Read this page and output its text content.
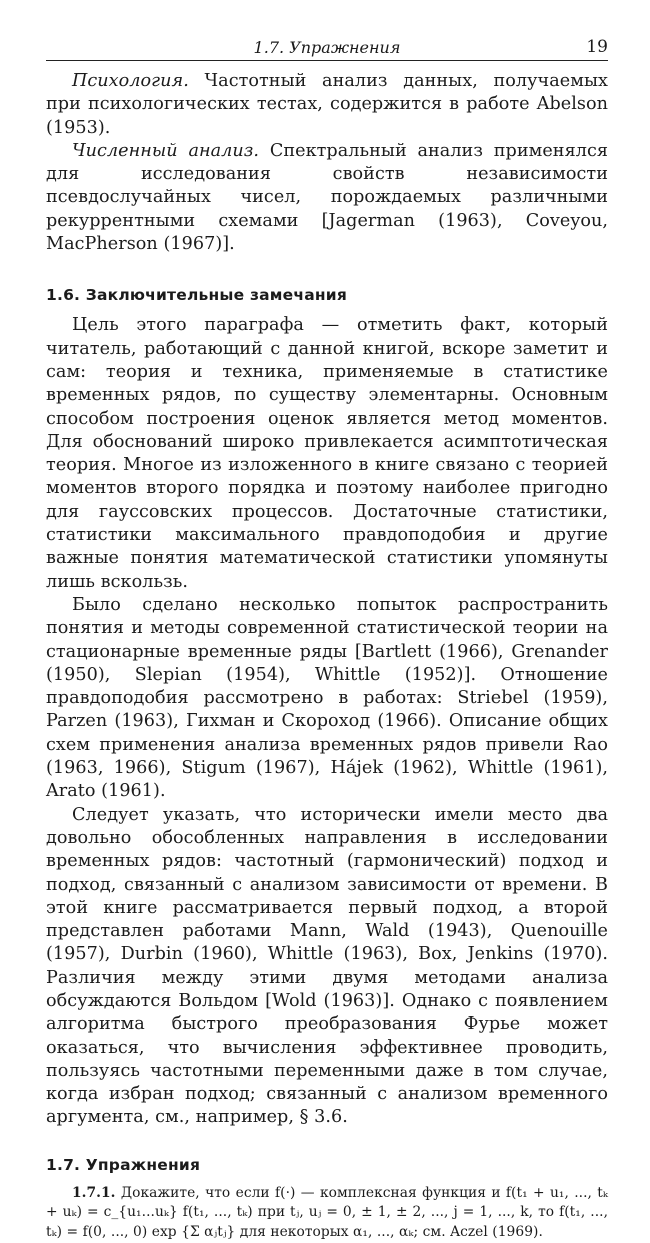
1.7. Упражнения	19

Психология. Частотный анализ данных, получаемых при психологических тестах, содержится в работе Abelson (1953).

Численный анализ. Спектральный анализ применялся для исследования свойств независимости псевдослучайных чисел, порождаемых различными рекуррентными схемами [Jagerman (1963), Coveyou, MacPherson (1967)].

1.6. Заключительные замечания

Цель этого параграфа — отметить факт, который читатель, работающий с данной книгой, вскоре заметит и сам: теория и техника, применяемые в статистике временных рядов, по существу элементарны. Основным способом построения оценок является метод моментов. Для обоснований широко привлекается асимптотическая теория. Многое из изложенного в книге связано с теорией моментов второго порядка и поэтому наиболее пригодно для гауссовских процессов. Достаточные статистики, статистики максимального правдоподобия и другие важные понятия математической статистики упомянуты лишь вскользь.

Было сделано несколько попыток распространить понятия и методы современной статистической теории на стационарные временные ряды [Bartlett (1966), Grenander (1950), Slepian (1954), Whittle (1952)]. Отношение правдоподобия рассмотрено в работах: Striebel (1959), Parzen (1963), Гихман и Скороход (1966). Описание общих схем применения анализа временных рядов привели Rao (1963, 1966), Stigum (1967), Hájek (1962), Whittle (1961), Arato (1961).

Следует указать, что исторически имели место два довольно обособленных направления в исследовании временных рядов: частотный (гармонический) подход и подход, связанный с анализом зависимости от времени. В этой книге рассматривается первый подход, а второй представлен работами Mann, Wald (1943), Quenouille (1957), Durbin (1960), Whittle (1963), Box, Jenkins (1970). Различия между этими двумя методами анализа обсуждаются Вольдом [Wold (1963)]. Однако с появлением алгоритма быстрого преобразования Фурье может оказаться, что вычисления эффективнее проводить, пользуясь частотными переменными даже в том случае, когда избран подход; связанный с анализом временного аргумента, см., например, § 3.6.

1.7. Упражнения

1.7.1. Докажите, что если f(·) — комплексная функция и f(t₁ + u₁, ..., tₖ + uₖ) = c_{u₁...uₖ} f(t₁, ..., tₖ) при tⱼ, uⱼ = 0, ± 1, ± 2, ..., j = 1, ..., k, то f(t₁, ..., tₖ) = f(0, ..., 0) exp {Σ αⱼtⱼ} для некоторых α₁, ..., αₖ; см. Aczel (1969).
